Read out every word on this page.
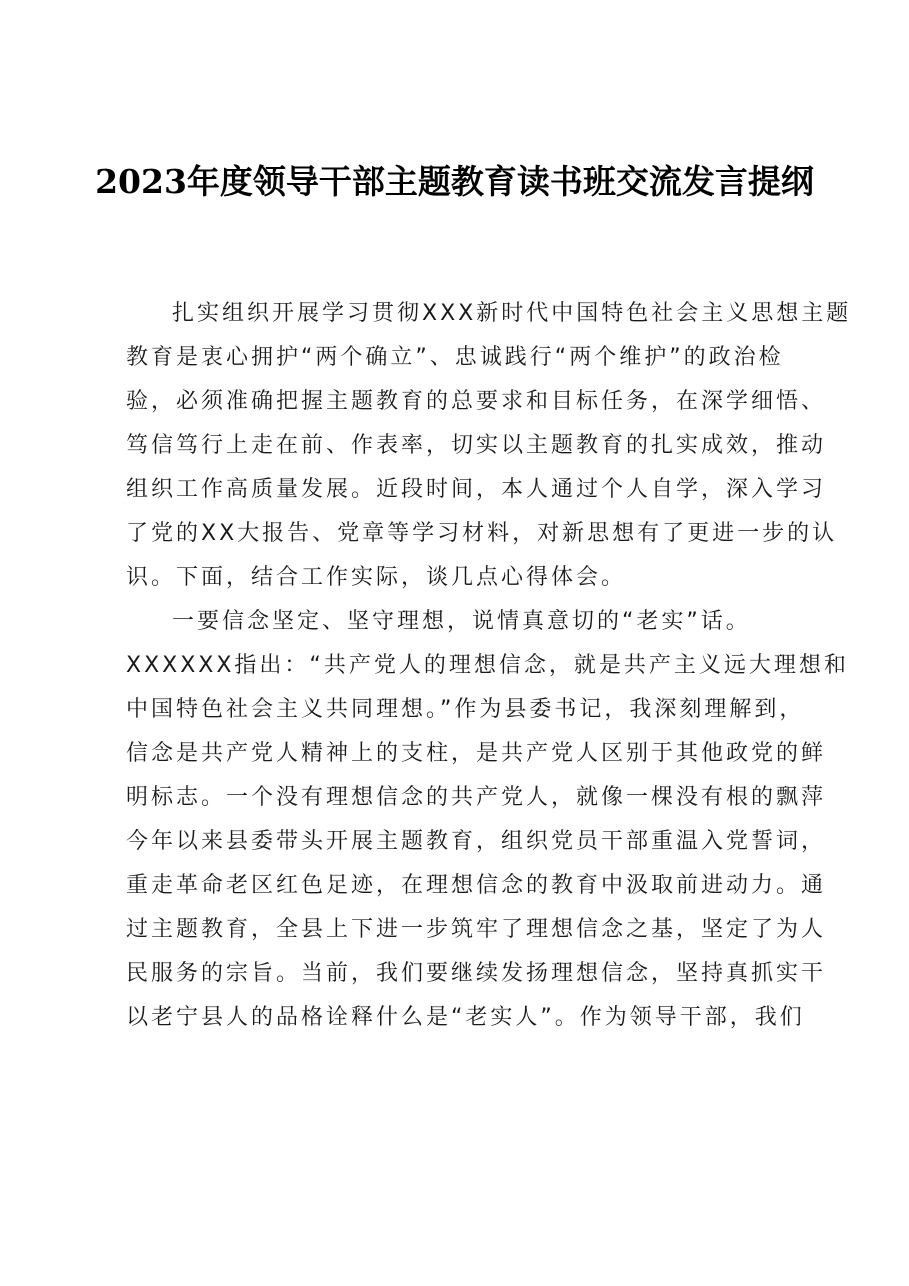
2023年度领导干部主题教育读书班交流发言提纲
扎实组织开展学习贯彻XXX新时代中国特色社会主义思想主题
教育是衷心拥护“两个确立”、忠诚践行“两个维护”的政治检
验，必须准确把握主题教育的总要求和目标任务，在深学细悟、
笃信笃行上走在前、作表率，切实以主题教育的扎实成效，推动
组织工作高质量发展。近段时间，本人通过个人自学，深入学习
了党的XX大报告、党章等学习材料，对新思想有了更进一步的认
识。下面，结合工作实际，谈几点心得体会。
一要信念坚定、坚守理想，说情真意切的“老实”话。
XXXXXX指出：“共产党人的理想信念，就是共产主义远大理想和
中国特色社会主义共同理想。”作为县委书记，我深刻理解到，
信念是共产党人精神上的支柱，是共产党人区别于其他政党的鲜
明标志。一个没有理想信念的共产党人，就像一棵没有根的飘萍
今年以来县委带头开展主题教育，组织党员干部重温入党誓词，
重走革命老区红色足迹，在理想信念的教育中汲取前进动力。通
过主题教育，全县上下进一步筑牢了理想信念之基，坚定了为人
民服务的宗旨。当前，我们要继续发扬理想信念，坚持真抓实干
以老宁县人的品格诠释什么是“老实人”。作为领导干部，我们
